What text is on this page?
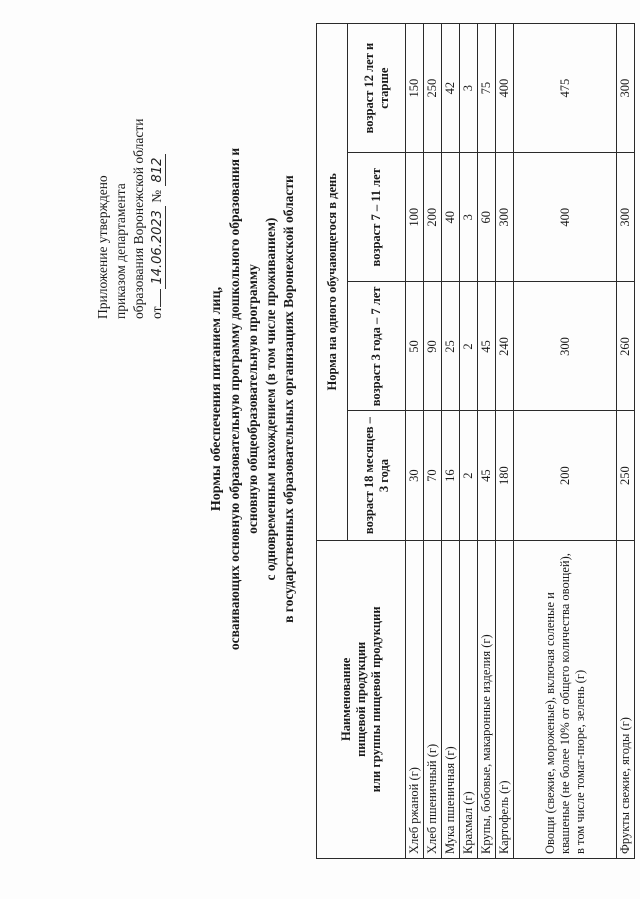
Приложение утверждено приказом департамента образования Воронежской области от14.06.2023 № 812
Нормы обеспечения питанием лиц, осваивающих основную образовательную программу дошкольного образования и основную общеобразовательную программу с одновременным нахождением (в том числе проживанием) в государственных образовательных организациях Воронежской области
Наименование пищевой продукции или группы пищевой продукции	Норма на одного обучающегося в день			
	возраст 18 месяцев – 3 года	возраст 3 года – 7 лет	возраст 7 – 11 лет	возраст 12 лет и старше
Хлеб ржаной (г)	30	50	100	150
Хлеб пшеничный (г)	70	90	200	250
Мука пшеничная (г)	16	25	40	42
Крахмал (г)	2	2	3	3
Крупы, бобовые, макаронные изделия (г)	45	45	60	75
Картофель (г)	180	240	300	400
Овощи (свежие, мороженые), включая соленые и квашеные (не более 10% от общего количества овощей), в том числе томат-пюре, зелень (г)	200	300	400	475
Фрукты свежие, ягоды (г)	250	260	300	300
